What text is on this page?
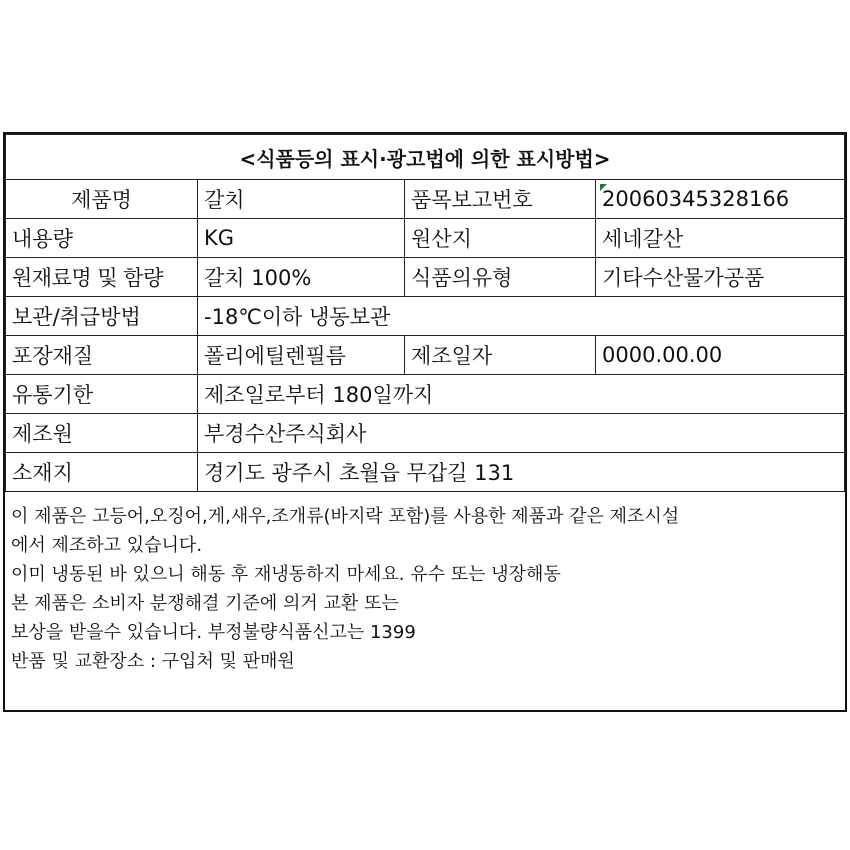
<식품등의 표시·광고법에 의한 표시방법>			
제품명	갈치	품목보고번호	20060345328166
내용량	KG	원산지	세네갈산
원재료명 및 함량	갈치 100%	식품의유형	기타수산물가공품
보관/취급방법	-18℃이하 냉동보관		
포장재질	폴리에틸렌필름	제조일자	0000.00.00
유통기한	제조일로부터 180일까지		
제조원	부경수산주식회사		
소재지	경기도 광주시 초월읍 무갑길 131		

이 제품은 고등어,오징어,게,새우,조개류(바지락 포함)를 사용한 제품과 같은 제조시설

에서 제조하고 있습니다.

이미 냉동된 바 있으니 해동 후 재냉동하지 마세요. 유수 또는 냉장해동

본 제품은 소비자 분쟁해결 기준에 의거 교환 또는

보상을 받을수 있습니다. 부정불량식품신고는 1399

반품 및 교환장소 : 구입처 및 판매원
